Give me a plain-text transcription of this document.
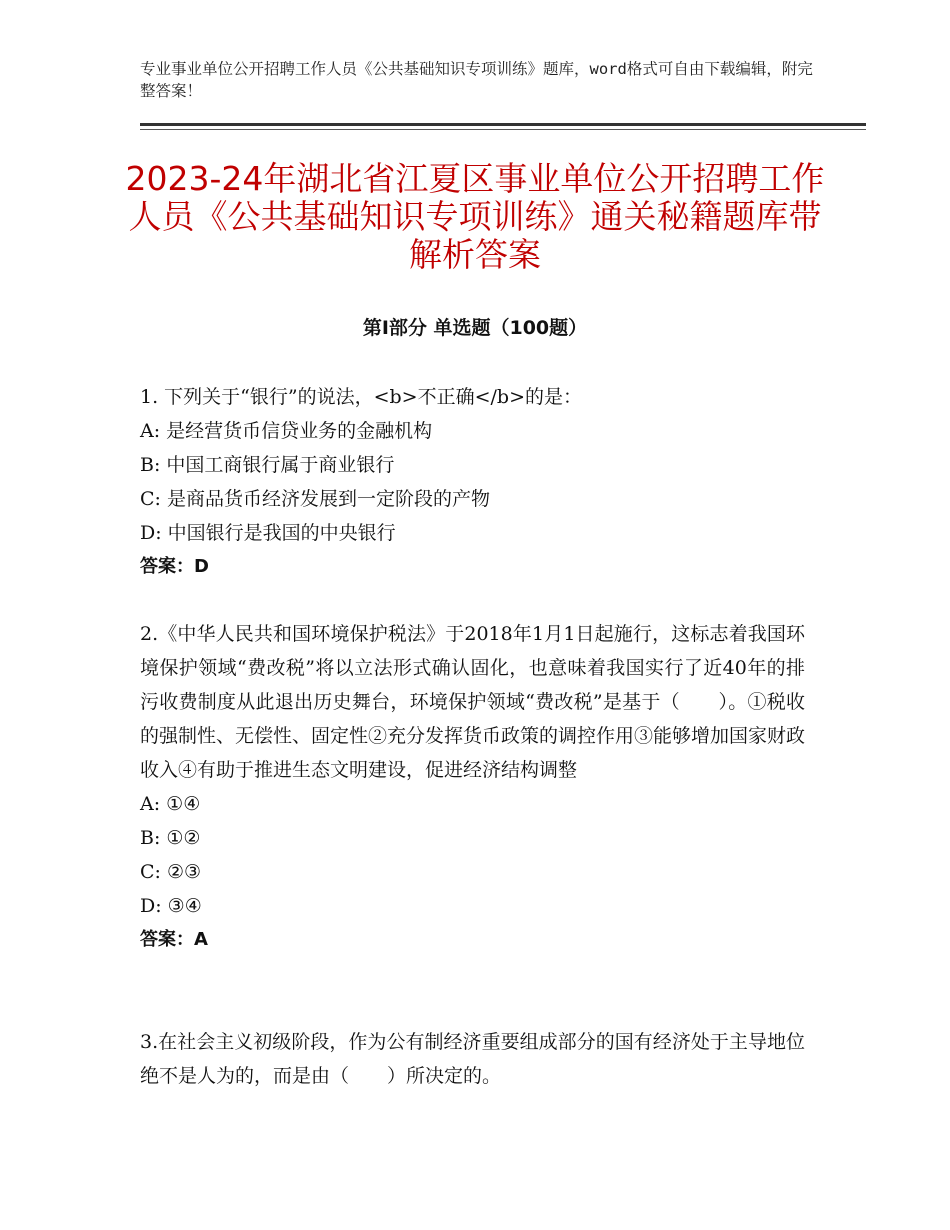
专业事业单位公开招聘工作人员《公共基础知识专项训练》题库，word格式可自由下载编辑，附完整答案！
2023-24年湖北省江夏区事业单位公开招聘工作人员《公共基础知识专项训练》通关秘籍题库带解析答案
第Ⅰ部分 单选题（100题）
1. 下列关于“银行”的说法，<b>不正确</b>的是：
A: 是经营货币信贷业务的金融机构
B: 中国工商银行属于商业银行
C: 是商品货币经济发展到一定阶段的产物
D: 中国银行是我国的中央银行
答案：D
2.《中华人民共和国环境保护税法》于2018年1月1日起施行，这标志着我国环境保护领域“费改税”将以立法形式确认固化，也意味着我国实行了近40年的排污收费制度从此退出历史舞台，环境保护领域“费改税”是基于（　　）。①税收的强制性、无偿性、固定性②充分发挥货币政策的调控作用③能够增加国家财政收入④有助于推进生态文明建设，促进经济结构调整
A: ①④
B: ①②
C: ②③
D: ③④
答案：A
3.在社会主义初级阶段，作为公有制经济重要组成部分的国有经济处于主导地位绝不是人为的，而是由（　　）所决定的。
